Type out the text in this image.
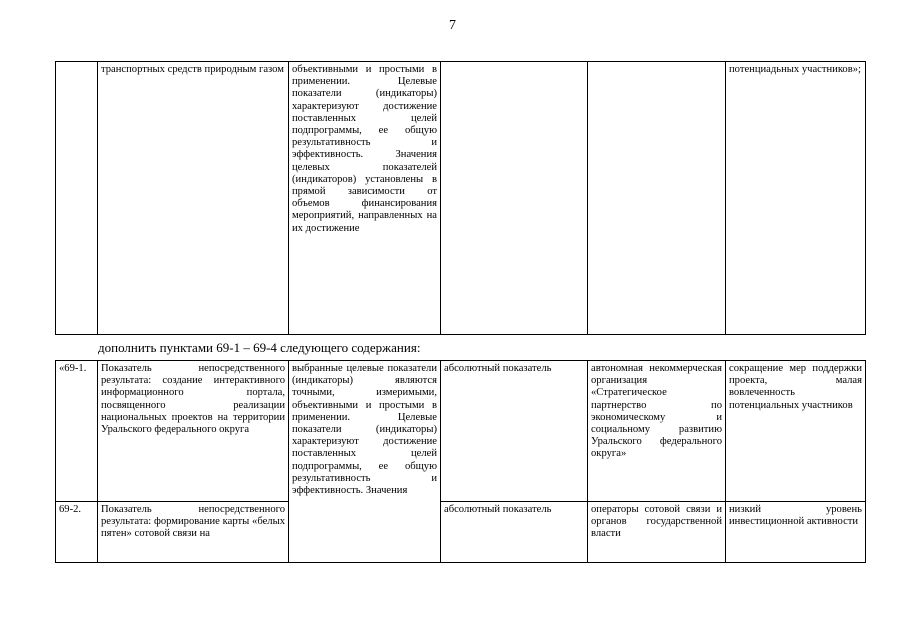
7
	транспортных средств природным газом	объективными и простыми в применении. Целевые показатели (индикаторы) характеризуют достижение поставленных целей подпрограммы, ее общую результативность и эффективность. Значения целевых показателей (индикаторов) установлены в прямой зависимости от объемов финансирования мероприятий, направленных на их достижение			потенциадьных участников»;
дополнить пунктами 69-1 – 69-4 следующего содержания:
«69-1.	Показатель непосредственного результата: создание интерактивного информационного портала, посвященного реализации национальных проектов на территории Уральского федерального округа	выбранные целевые показатели (индикаторы) являются точными, измеримыми, объективными и простыми в применении. Целевые показатели (индикаторы) характеризуют достижение поставленных целей подпрограммы, ее общую результативность и эффективность. Значения	абсолютный показатель	автономная некоммерческая организация «Стратегическое партнерство по экономическому и социальному развитию Уральского федерального округа»	сокращение мер поддержки проекта, малая вовлеченность потенциальных участников
69-2.	Показатель непосредственного результата: формирование карты «белых пятен» сотовой связи на		абсолютный показатель	операторы сотовой связи и органов государственной власти	низкий уровень инвестиционной активности
